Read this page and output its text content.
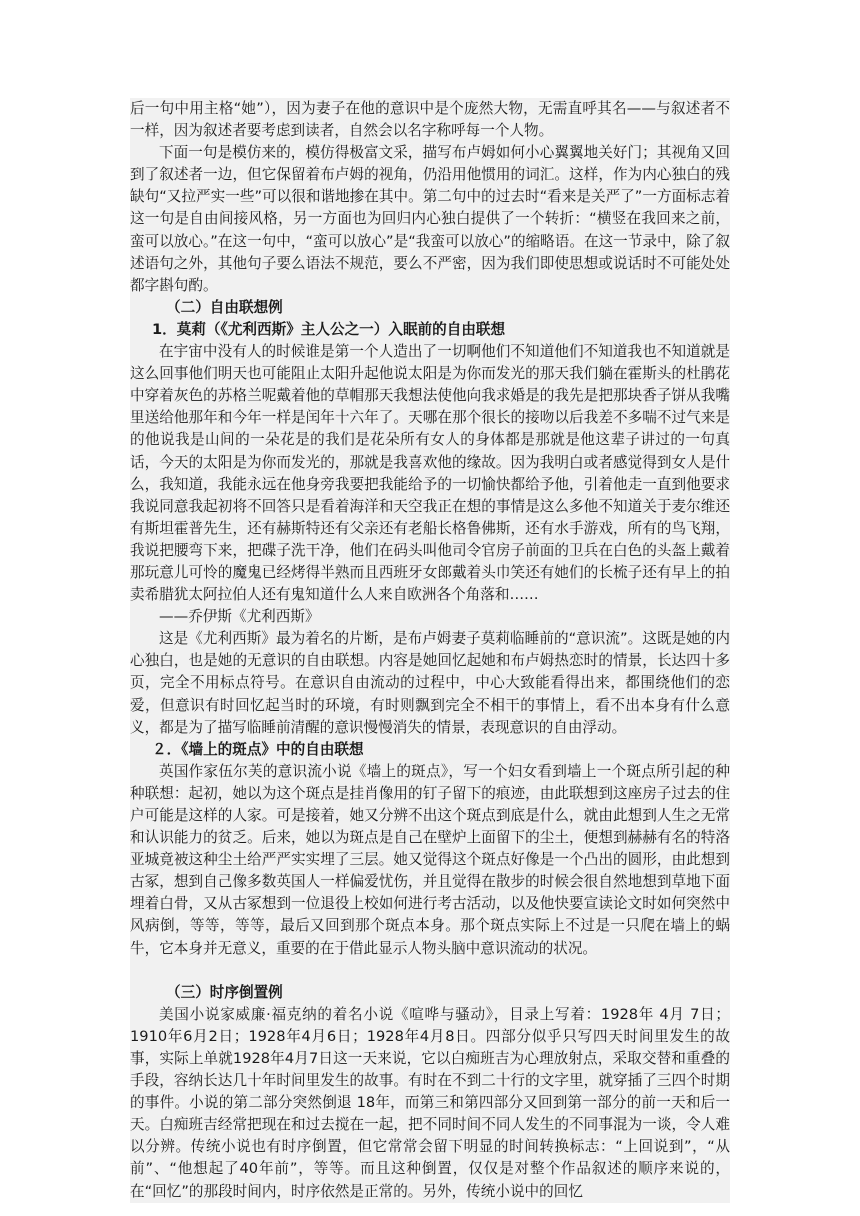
后一句中用主格“她”），因为妻子在他的意识中是个庞然大物，无需直呼其名——与叙述者不一样，因为叙述者要考虑到读者，自然会以名字称呼每一个人物。

下面一句是模仿来的，模仿得极富文采，描写布卢姆如何小心翼翼地关好门；其视角又回到了叙述者一边，但它保留着布卢姆的视角，仍沿用他惯用的词汇。这样，作为内心独白的残缺句“又拉严实一些”可以很和谐地掺在其中。第二句中的过去时“看来是关严了”一方面标志着这一句是自由间接风格，另一方面也为回归内心独白提供了一个转折：“横竖在我回来之前，蛮可以放心。”在这一句中，“蛮可以放心”是“我蛮可以放心”的缩略语。在这一节录中，除了叙述语句之外，其他句子要么语法不规范，要么不严密，因为我们即使思想或说话时不可能处处都字斟句酌。

（二）自由联想例

1．莫莉（《尤利西斯》主人公之一）入眠前的自由联想

在宇宙中没有人的时候谁是第一个人造出了一切啊他们不知道他们不知道我也不知道就是这么回事他们明天也可能阻止太阳升起他说太阳是为你而发光的那天我们躺在霍斯头的杜鹃花中穿着灰色的苏格兰呢戴着他的草帽那天我想法使他向我求婚是的我先是把那块香子饼从我嘴里送给他那年和今年一样是闰年十六年了。天哪在那个很长的接吻以后我差不多喘不过气来是的他说我是山间的一朵花是的我们是花朵所有女人的身体都是那就是他这辈子讲过的一句真话，今天的太阳是为你而发光的，那就是我喜欢他的缘故。因为我明白或者感觉得到女人是什么，我知道，我能永远在他身旁我要把我能给予的一切愉快都给予他，引着他走一直到他要求我说同意我起初将不回答只是看着海洋和天空我正在想的事情是这么多他不知道关于麦尔维还有斯坦霍普先生，还有赫斯特还有父亲还有老船长格鲁佛斯，还有水手游戏，所有的鸟飞翔，我说把腰弯下来，把碟子洗干净，他们在码头叫他司令官房子前面的卫兵在白色的头盔上戴着那玩意儿可怜的魔鬼已经烤得半熟而且西班牙女郎戴着头巾笑还有她们的长梳子还有早上的拍卖希腊犹太阿拉伯人还有鬼知道什么人来自欧洲各个角落和……

——乔伊斯《尤利西斯》

这是《尤利西斯》最为着名的片断，是布卢姆妻子莫莉临睡前的“意识流”。这既是她的内心独白，也是她的无意识的自由联想。内容是她回忆起她和布卢姆热恋时的情景，长达四十多页，完全不用标点符号。在意识自由流动的过程中，中心大致能看得出来，都围绕他们的恋爱，但意识有时回忆起当时的环境，有时则飘到完全不相干的事情上，看不出本身有什么意义，都是为了描写临睡前清醒的意识慢慢消失的情景，表现意识的自由浮动。

２．《墙上的斑点》中的自由联想

英国作家伍尔芙的意识流小说《墙上的斑点》，写一个妇女看到墙上一个斑点所引起的种种联想：起初，她以为这个斑点是挂肖像用的钉子留下的痕迹，由此联想到这座房子过去的住户可能是这样的人家。可是接着，她又分辨不出这个斑点到底是什么，就由此想到人生之无常和认识能力的贫乏。后来，她以为斑点是自己在壁炉上面留下的尘土，便想到赫赫有名的特洛亚城竟被这种尘土给严严实实埋了三层。她又觉得这个斑点好像是一个凸出的圆形，由此想到古冢，想到自己像多数英国人一样偏爱忧伤，并且觉得在散步的时候会很自然地想到草地下面埋着白骨，又从古冢想到一位退役上校如何进行考古活动，以及他快要宣读论文时如何突然中风病倒，等等，等等，最后又回到那个斑点本身。那个斑点实际上不过是一只爬在墙上的蜗牛，它本身并无意义，重要的在于借此显示人物头脑中意识流动的状况。

（三）时序倒置例

美国小说家威廉·福克纳的着名小说《喧哗与骚动》，目录上写着：1928年 4月 7日；1910年6月2日；1928年4月6日；1928年4月8日。四部分似乎只写四天时间里发生的故事，实际上单就1928年4月7日这一天来说，它以白痴班吉为心理放射点，采取交替和重叠的手段，容纳长达几十年时间里发生的故事。有时在不到二十行的文字里，就穿插了三四个时期的事件。小说的第二部分突然倒退 18年，而第三和第四部分又回到第一部分的前一天和后一天。白痴班吉经常把现在和过去搅在一起，把不同时间不同人发生的不同事混为一谈，令人难以分辨。传统小说也有时序倒置，但它常常会留下明显的时间转换标志：“上回说到”，“从前”、“他想起了40年前”，等等。而且这种倒置，仅仅是对整个作品叙述的顺序来说的，在“回忆”的那段时间内，时序依然是正常的。另外，传统小说中的回忆
